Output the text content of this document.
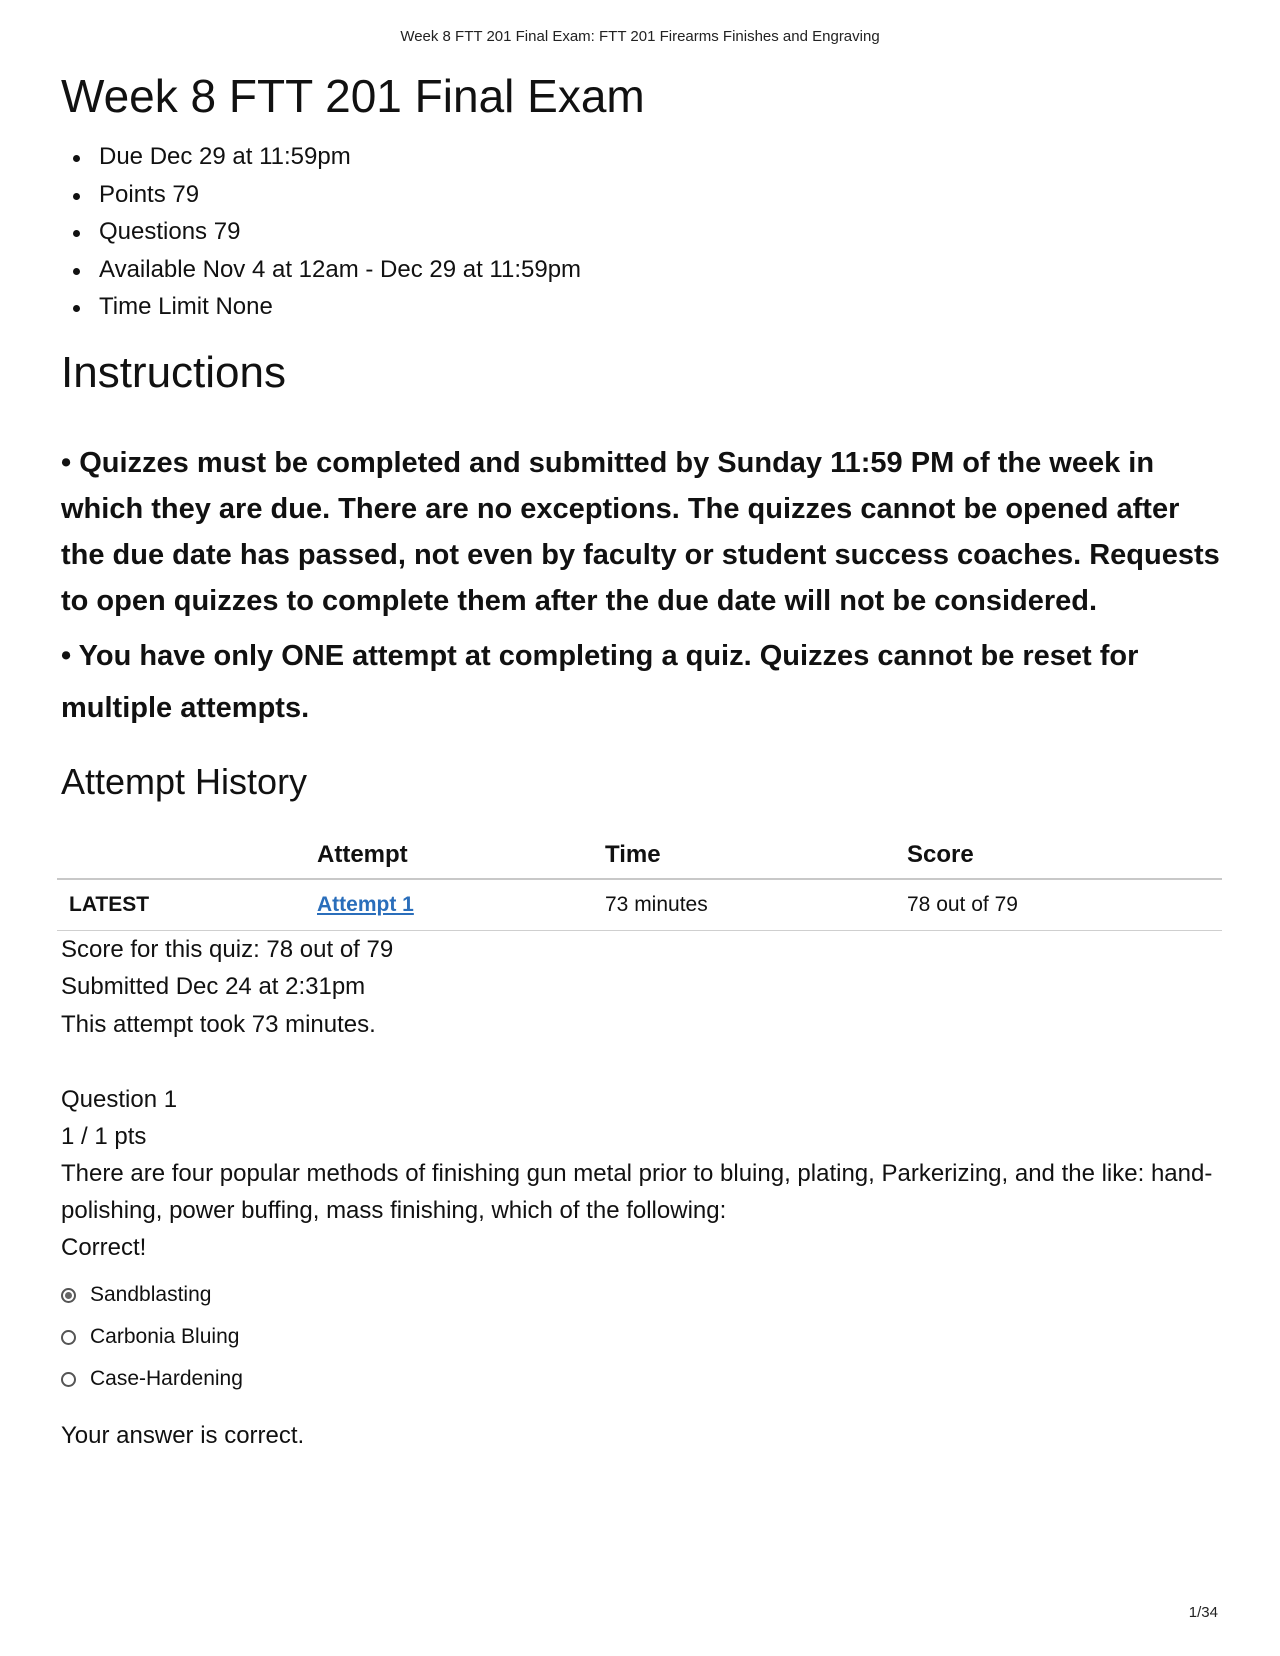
Week 8 FTT 201 Final Exam: FTT 201 Firearms Finishes and Engraving
Week 8 FTT 201 Final Exam
Due Dec 29 at 11:59pm
Points 79
Questions 79
Available Nov 4 at 12am - Dec 29 at 11:59pm
Time Limit None
Instructions
• Quizzes must be completed and submitted by Sunday 11:59 PM of the week in which they are due. There are no exceptions. The quizzes cannot be opened after the due date has passed, not even by faculty or student success coaches. Requests to open quizzes to complete them after the due date will not be considered.
• You have only ONE attempt at completing a quiz. Quizzes cannot be reset for multiple attempts.
Attempt History
	Attempt	Time	Score
LATEST	Attempt 1	73 minutes	78 out of 79
Score for this quiz: 78 out of 79
Submitted Dec 24 at 2:31pm
This attempt took 73 minutes.
Question 1
1 / 1 pts
There are four popular methods of finishing gun metal prior to bluing, plating, Parkerizing, and the like: hand-polishing, power buffing, mass finishing, which of the following:
Correct!
Sandblasting
Carbonia Bluing
Case-Hardening
Your answer is correct.
1/34
